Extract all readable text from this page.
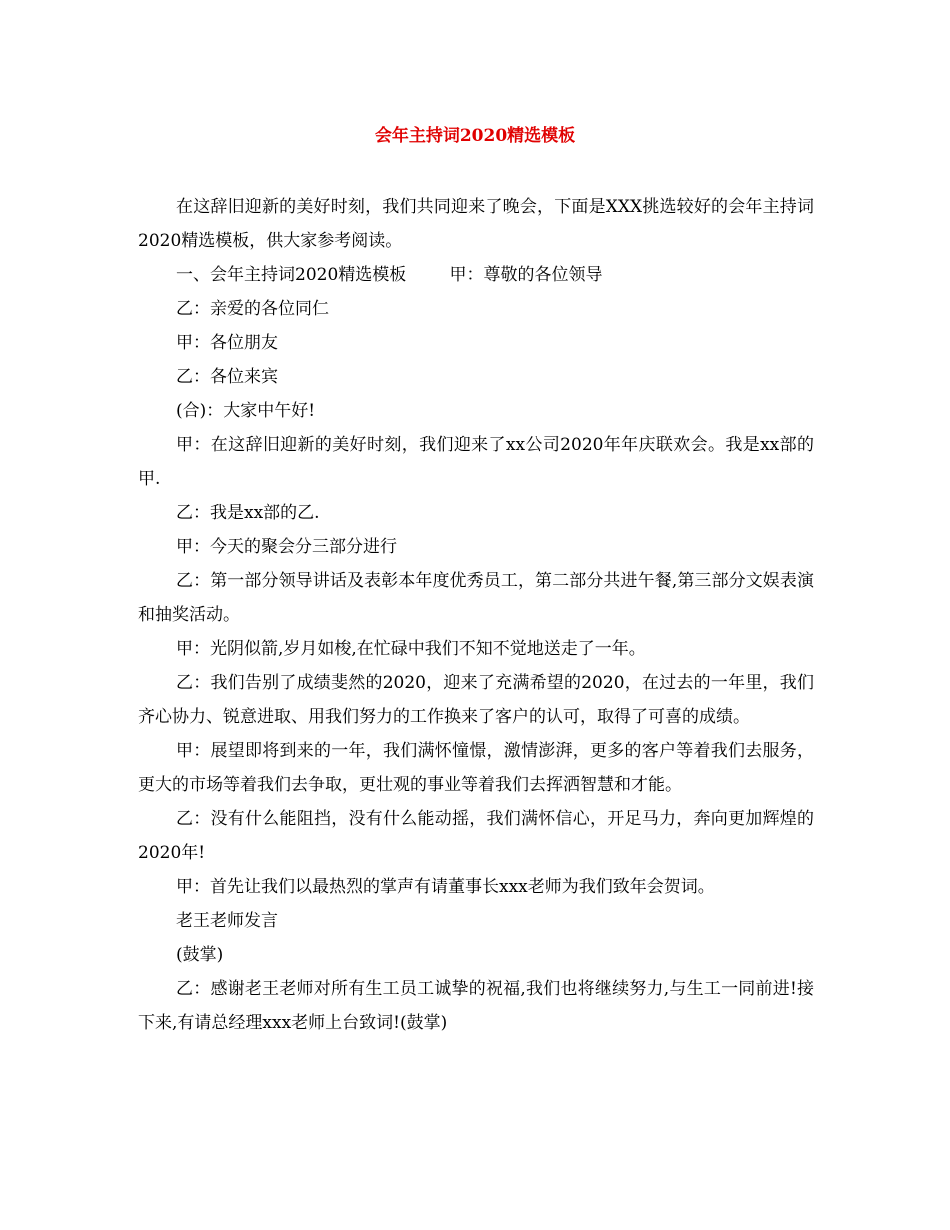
会年主持词2020精选模板

在这辞旧迎新的美好时刻，我们共同迎来了晚会，下面是XXX挑选较好的会年主持词2020精选模板，供大家参考阅读。

一、会年主持词2020精选模板        甲：尊敬的各位领导

乙：亲爱的各位同仁

甲：各位朋友

乙：各位来宾

(合)：大家中午好!

甲：在这辞旧迎新的美好时刻，我们迎来了xx公司2020年年庆联欢会。我是xx部的甲.

乙：我是xx部的乙.

甲：今天的聚会分三部分进行

乙：第一部分领导讲话及表彰本年度优秀员工，第二部分共进午餐,第三部分文娱表演和抽奖活动。

甲：光阴似箭,岁月如梭,在忙碌中我们不知不觉地送走了一年。

乙：我们告别了成绩斐然的2020，迎来了充满希望的2020，在过去的一年里，我们齐心协力、锐意进取、用我们努力的工作换来了客户的认可，取得了可喜的成绩。

甲：展望即将到来的一年，我们满怀憧憬，激情澎湃，更多的客户等着我们去服务，更大的市场等着我们去争取，更壮观的事业等着我们去挥洒智慧和才能。

乙：没有什么能阻挡，没有什么能动摇，我们满怀信心，开足马力，奔向更加辉煌的2020年!

甲：首先让我们以最热烈的掌声有请董事长xxx老师为我们致年会贺词。

老王老师发言

(鼓掌)

乙：感谢老王老师对所有生工员工诚挚的祝福,我们也将继续努力,与生工一同前进!接下来,有请总经理xxx老师上台致词!(鼓掌)
